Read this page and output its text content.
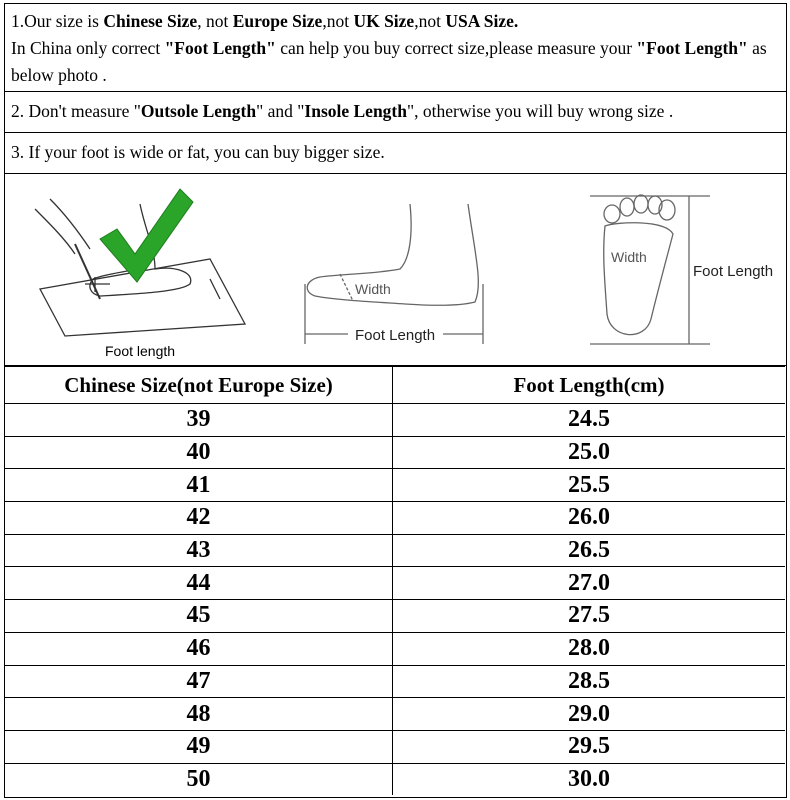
1.Our size is Chinese Size, not Europe Size,not UK Size,not USA Size.
In China only correct "Foot Length" can help you buy correct size,please measure your "Foot Length" as below photo .
2. Don't measure "Outsole Length" and "Insole Length", otherwise you will buy wrong size .
3. If your foot is wide or fat, you can buy bigger size.
Foot length
Width
Foot Length
Width
Foot Length
Chinese Size(not Europe Size)	Foot Length(cm)
39	24.5
40	25.0
41	25.5
42	26.0
43	26.5
44	27.0
45	27.5
46	28.0
47	28.5
48	29.0
49	29.5
50	30.0
